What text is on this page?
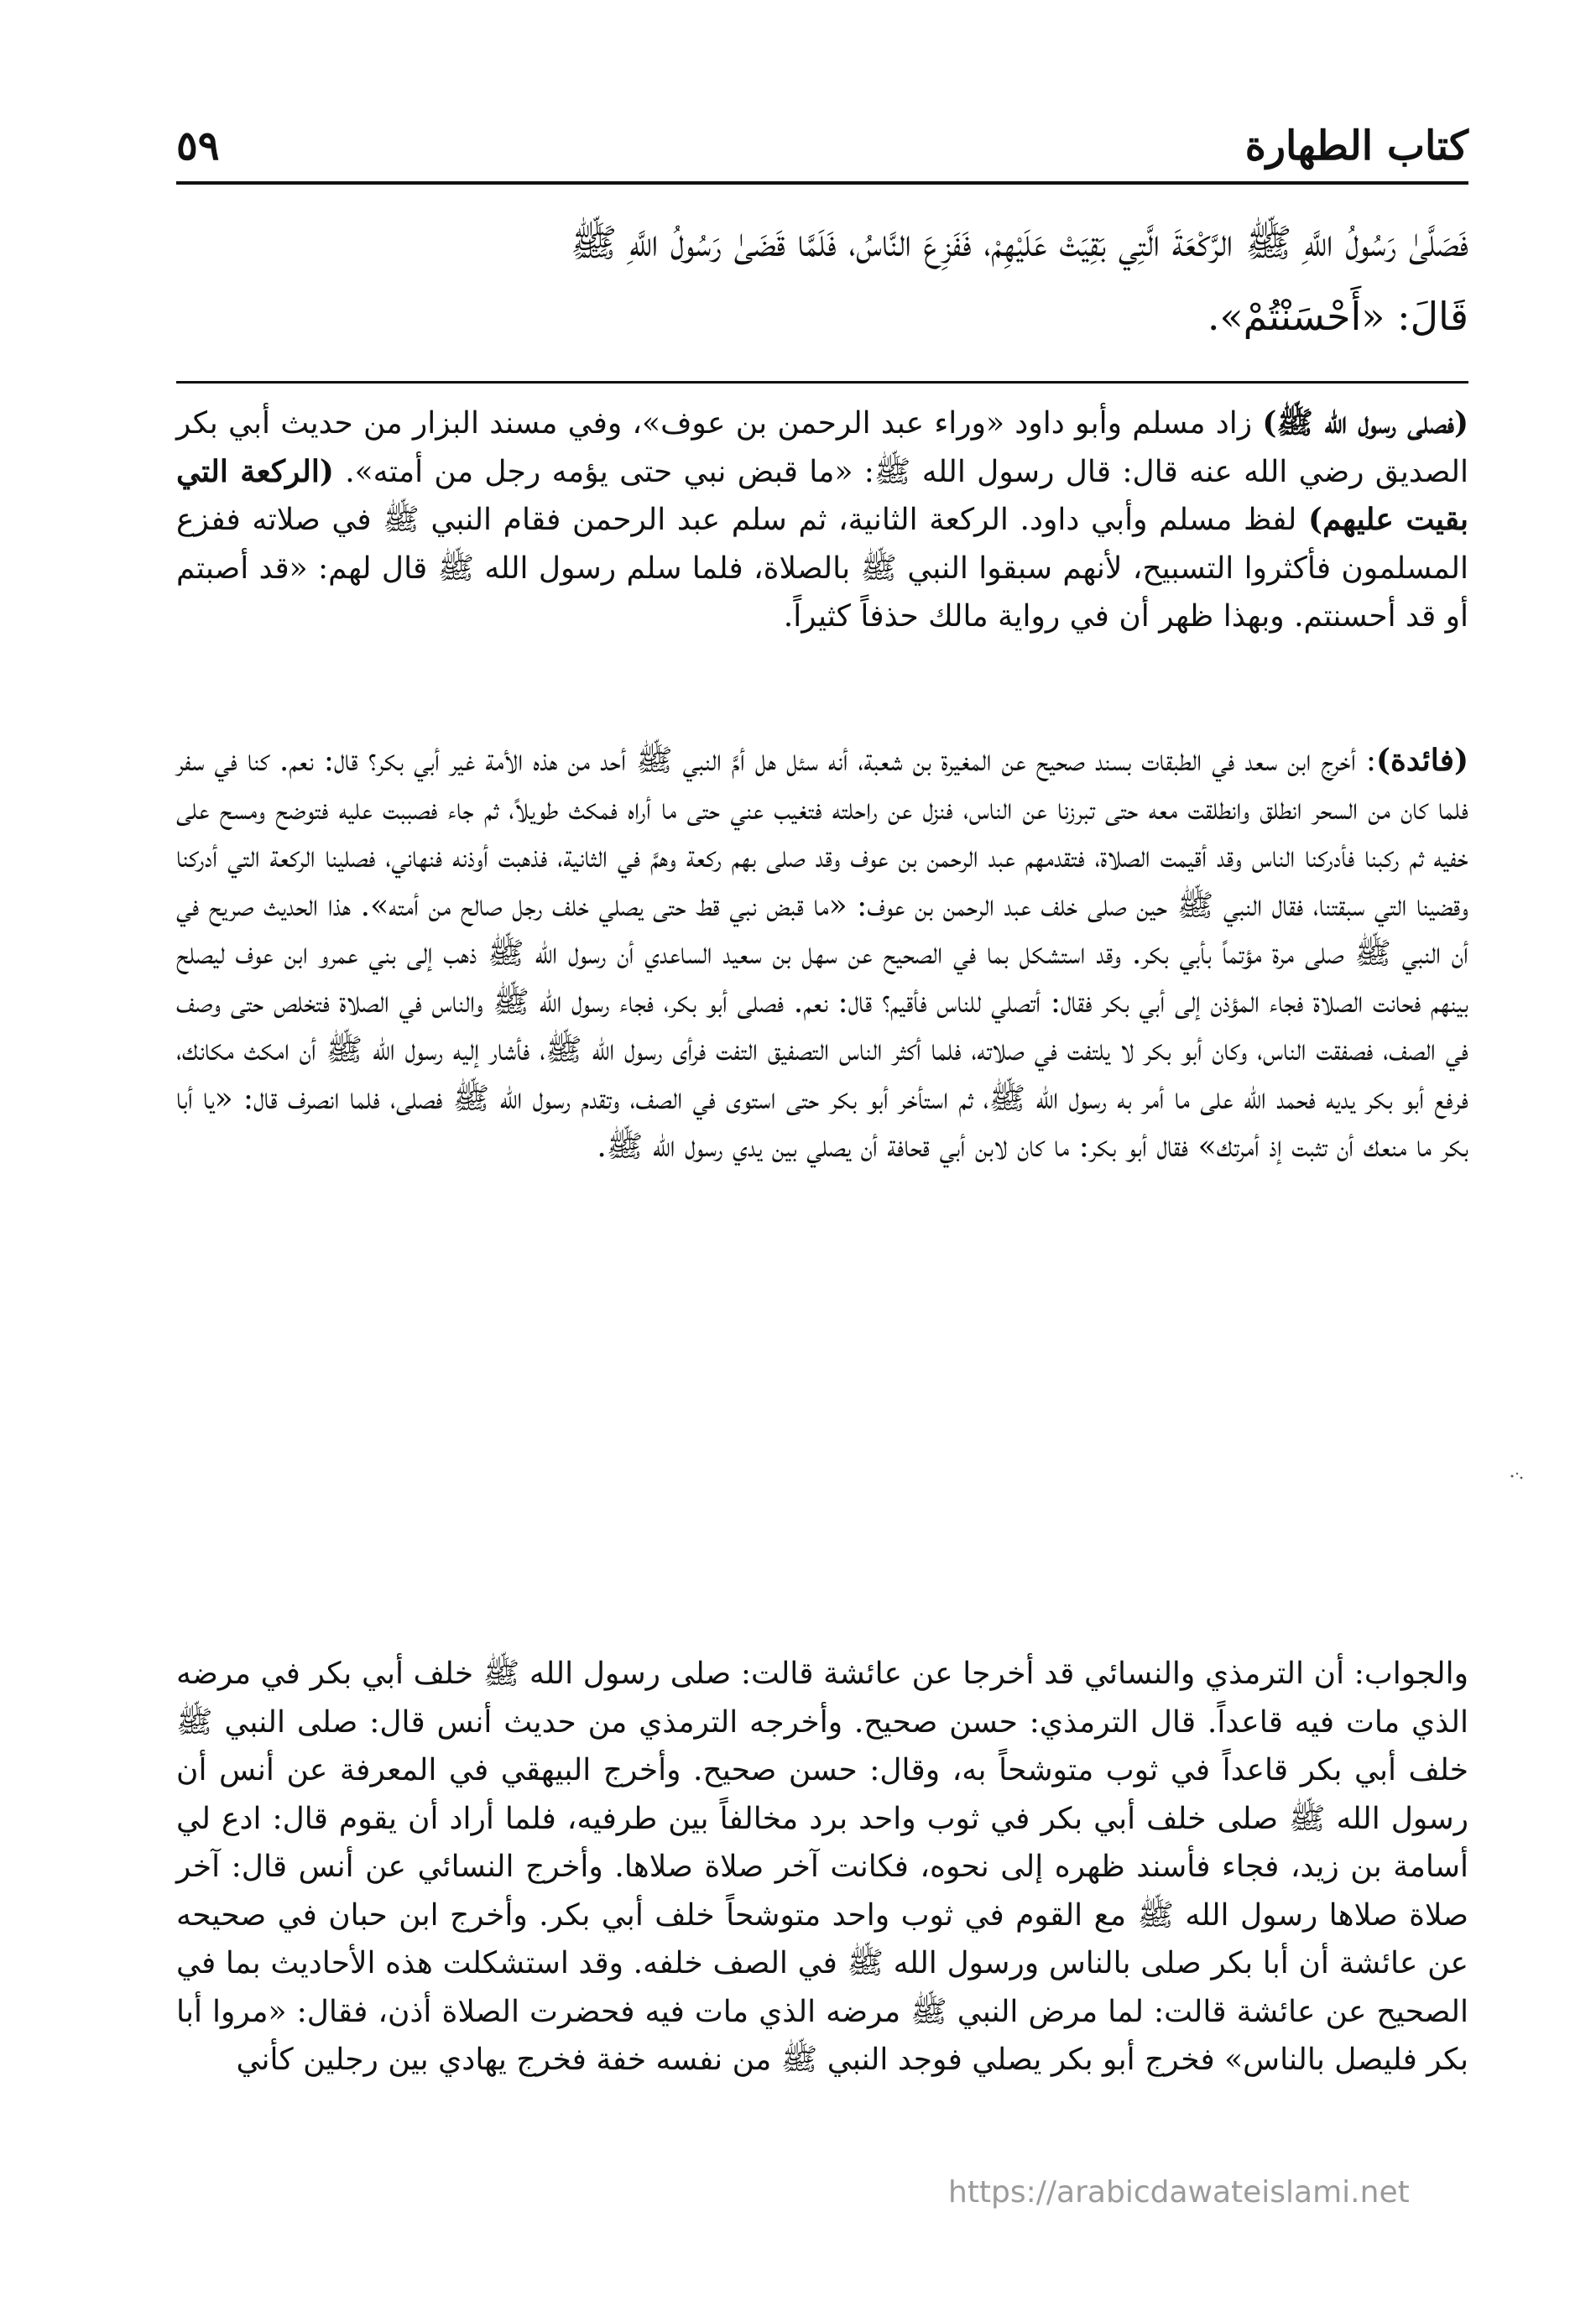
كتاب الطهارة
٥٩

فَصَلَّىٰ رَسُولُ اللَّهِ ﷺ الرَّكْعَةَ الَّتِي بَقِيَتْ عَلَيْهِمْ، فَفَزِعَ النَّاسُ، فَلَمَّا قَضَىٰ رَسُولُ اللَّهِ ﷺ

قَالَ: «أَحْسَنْتُمْ».

(فصلى رسول الله ﷺ) زاد مسلم وأبو داود «وراء عبد الرحمن بن عوف»، وفي مسند البزار من حديث أبي بكر الصديق رضي الله عنه قال: قال رسول الله ﷺ: «ما قبض نبي حتى يؤمه رجل من أمته». (الركعة التي بقيت عليهم) لفظ مسلم وأبي داود. الركعة الثانية، ثم سلم عبد الرحمن فقام النبي ﷺ في صلاته ففزع المسلمون فأكثروا التسبيح، لأنهم سبقوا النبي ﷺ بالصلاة، فلما سلم رسول الله ﷺ قال لهم: «قد أصبتم أو قد أحسنتم. وبهذا ظهر أن في رواية مالك حذفاً كثيراً.

(فائدة): أخرج ابن سعد في الطبقات بسند صحيح عن المغيرة بن شعبة، أنه سئل هل أمَّ النبي ﷺ أحد من هذه الأمة غير أبي بكر؟ قال: نعم. كنا في سفر فلما كان من السحر انطلق وانطلقت معه حتى تبرزنا عن الناس، فنزل عن راحلته فتغيب عني حتى ما أراه فمكث طويلاً، ثم جاء فصببت عليه فتوضح ومسح على خفيه ثم ركبنا فأدركنا الناس وقد أقيمت الصلاة، فتقدمهم عبد الرحمن بن عوف وقد صلى بهم ركعة وهمَّ في الثانية، فذهبت أوذنه فنهاني، فصلينا الركعة التي أدركنا وقضينا التي سبقتنا، فقال النبي ﷺ حين صلى خلف عبد الرحمن بن عوف: «ما قبض نبي قط حتى يصلي خلف رجل صالح من أمته». هذا الحديث صريح في أن النبي ﷺ صلى مرة مؤتماً بأبي بكر. وقد استشكل بما في الصحيح عن سهل بن سعيد الساعدي أن رسول الله ﷺ ذهب إلى بني عمرو ابن عوف ليصلح بينهم فحانت الصلاة فجاء المؤذن إلى أبي بكر فقال: أتصلي للناس فأقيم؟ قال: نعم. فصلى أبو بكر، فجاء رسول الله ﷺ والناس في الصلاة فتخلص حتى وصف في الصف، فصفقت الناس، وكان أبو بكر لا يلتفت في صلاته، فلما أكثر الناس التصفيق التفت فرأى رسول الله ﷺ، فأشار إليه رسول الله ﷺ أن امكث مكانك، فرفع أبو بكر يديه فحمد الله على ما أمر به رسول الله ﷺ، ثم استأخر أبو بكر حتى استوى في الصف، وتقدم رسول الله ﷺ فصلى، فلما انصرف قال: «يا أبا بكر ما منعك أن تثبت إذ أمرتك» فقال أبو بكر: ما كان لابن أبي قحافة أن يصلي بين يدي رسول الله ﷺ.

والجواب: أن الترمذي والنسائي قد أخرجا عن عائشة قالت: صلى رسول الله ﷺ خلف أبي بكر في مرضه الذي مات فيه قاعداً. قال الترمذي: حسن صحيح. وأخرجه الترمذي من حديث أنس قال: صلى النبي ﷺ خلف أبي بكر قاعداً في ثوب متوشحاً به، وقال: حسن صحيح. وأخرج البيهقي في المعرفة عن أنس أن رسول الله ﷺ صلى خلف أبي بكر في ثوب واحد برد مخالفاً بين طرفيه، فلما أراد أن يقوم قال: ادع لي أسامة بن زيد، فجاء فأسند ظهره إلى نحوه، فكانت آخر صلاة صلاها. وأخرج النسائي عن أنس قال: آخر صلاة صلاها رسول الله ﷺ مع القوم في ثوب واحد متوشحاً خلف أبي بكر. وأخرج ابن حبان في صحيحه عن عائشة أن أبا بكر صلى بالناس ورسول الله ﷺ في الصف خلفه. وقد استشكلت هذه الأحاديث بما في الصحيح عن عائشة قالت: لما مرض النبي ﷺ مرضه الذي مات فيه فحضرت الصلاة أذن، فقال: «مروا أبا بكر فليصل بالناس» فخرج أبو بكر يصلي فوجد النبي ﷺ من نفسه خفة فخرج يهادي بين رجلين كأني

https://arabicdawateislami.net
